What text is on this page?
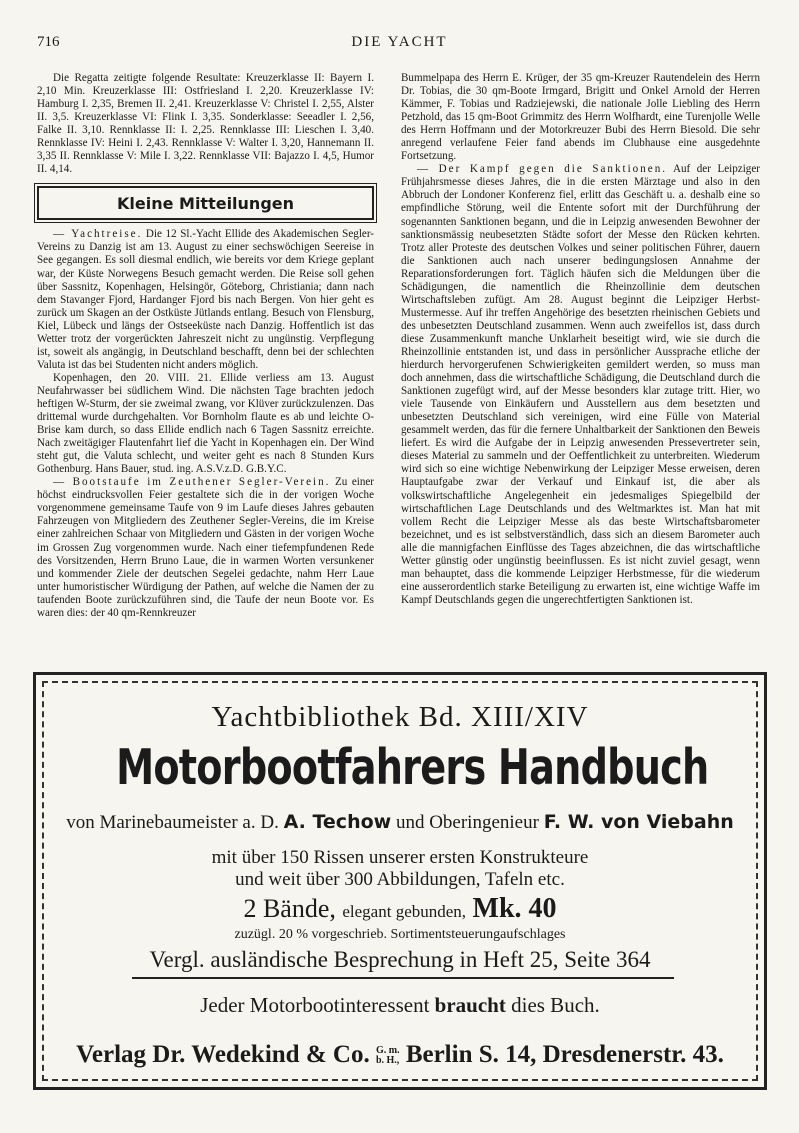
716	DIE YACHT

Die Regatta zeitigte folgende Resultate: Kreuzerklasse II: Bayern I. 2,10 Min. Kreuzerklasse III: Ostfriesland I. 2,20. Kreuzerklasse IV: Hamburg I. 2,35, Bremen II. 2,41. Kreuzerklasse V: Christel I. 2,55, Alster II. 3,5. Kreuzerklasse VI: Flink I. 3,35. Sonderklasse: Seeadler I. 2,56, Falke II. 3,10. Rennklasse II: I. 2,25. Rennklasse III: Lieschen I. 3,40. Rennklasse IV: Heini I. 2,43. Rennklasse V: Walter I. 3,20, Hannemann II. 3,35 II. Rennklasse V: Mile I. 3,22. Rennklasse VII: Bajazzo I. 4,5, Humor II. 4,14.

Kleine Mitteilungen

— Yachtreise. Die 12 Sl.-Yacht Ellide des Akademischen Segler-Vereins zu Danzig ist am 13. August zu einer sechswöchigen Seereise in See gegangen. Es soll diesmal endlich, wie bereits vor dem Kriege geplant war, der Küste Norwegens Besuch gemacht werden. Die Reise soll gehen über Sassnitz, Kopenhagen, Helsingör, Göteborg, Christiania; dann nach dem Stavanger Fjord, Hardanger Fjord bis nach Bergen. Von hier geht es zurück um Skagen an der Ostküste Jütlands entlang. Besuch von Flensburg, Kiel, Lübeck und längs der Ostseeküste nach Danzig. Hoffentlich ist das Wetter trotz der vorgerückten Jahreszeit nicht zu ungünstig. Verpflegung ist, soweit als angängig, in Deutschland beschafft, denn bei der schlechten Valuta ist das bei Studenten nicht anders möglich.

Kopenhagen, den 20. VIII. 21. Ellide verliess am 13. August Neufahrwasser bei südlichem Wind. Die nächsten Tage brachten jedoch heftigen W-Sturm, der sie zweimal zwang, vor Klüver zurückzulenzen. Das drittemal wurde durchgehalten. Vor Bornholm flaute es ab und leichte O-Brise kam durch, so dass Ellide endlich nach 6 Tagen Sassnitz erreichte. Nach zweitägiger Flautenfahrt lief die Yacht in Kopenhagen ein. Der Wind steht gut, die Valuta schlecht, und weiter geht es nach 8 Stunden Kurs Gothenburg. Hans Bauer, stud. ing. A.S.V.z.D. G.B.Y.C.

— Bootstaufe im Zeuthener Segler-Verein. Zu einer höchst eindrucksvollen Feier gestaltete sich die in der vorigen Woche vorgenommene gemeinsame Taufe von 9 im Laufe dieses Jahres gebauten Fahrzeugen von Mitgliedern des Zeuthener Segler-Vereins, die im Kreise einer zahlreichen Schaar von Mitgliedern und Gästen in der vorigen Woche im Grossen Zug vorgenommen wurde. Nach einer tiefempfundenen Rede des Vorsitzenden, Herrn Bruno Laue, die in warmen Worten versunkener und kommender Ziele der deutschen Segelei gedachte, nahm Herr Laue unter humoristischer Würdigung der Pathen, auf welche die Namen der zu taufenden Boote zurückzuführen sind, die Taufe der neun Boote vor. Es waren dies: der 40 qm-Rennkreuzer

Bummelpapa des Herrn E. Krüger, der 35 qm-Kreuzer Rautendelein des Herrn Dr. Tobias, die 30 qm-Boote Irmgard, Brigitt und Onkel Arnold der Herren Kämmer, F. Tobias und Radziejewski, die nationale Jolle Liebling des Herrn Petzhold, das 15 qm-Boot Grimmitz des Herrn Wolfhardt, eine Turenjolle Welle des Herrn Hoffmann und der Motorkreuzer Bubi des Herrn Biesold. Die sehr anregend verlaufene Feier fand abends im Clubhause eine ausgedehnte Fortsetzung.

— Der Kampf gegen die Sanktionen. Auf der Leipziger Frühjahrsmesse dieses Jahres, die in die ersten Märztage und also in den Abbruch der Londoner Konferenz fiel, erlitt das Geschäft u. a. deshalb eine so empfindliche Störung, weil die Entente sofort mit der Durchführung der sogenannten Sanktionen begann, und die in Leipzig anwesenden Bewohner der sanktionsmässig neubesetzten Städte sofort der Messe den Rücken kehrten. Trotz aller Proteste des deutschen Volkes und seiner politischen Führer, dauern die Sanktionen auch nach unserer bedingungslosen Annahme der Reparationsforderungen fort. Täglich häufen sich die Meldungen über die Schädigungen, die namentlich die Rheinzollinie dem deutschen Wirtschaftsleben zufügt. Am 28. August beginnt die Leipziger Herbst-Mustermesse. Auf ihr treffen Angehörige des besetzten rheinischen Gebiets und des unbesetzten Deutschland zusammen. Wenn auch zweifellos ist, dass durch diese Zusammenkunft manche Unklarheit beseitigt wird, wie sie durch die Rheinzollinie entstanden ist, und dass in persönlicher Aussprache etliche der hierdurch hervorgerufenen Schwierigkeiten gemildert werden, so muss man doch annehmen, dass die wirtschaftliche Schädigung, die Deutschland durch die Sanktionen zugefügt wird, auf der Messe besonders klar zutage tritt. Hier, wo viele Tausende von Einkäufern und Ausstellern aus dem besetzten und unbesetzten Deutschland sich vereinigen, wird eine Fülle von Material gesammelt werden, das für die fernere Unhaltbarkeit der Sanktionen den Beweis liefert. Es wird die Aufgabe der in Leipzig anwesenden Pressevertreter sein, dieses Material zu sammeln und der Oeffentlichkeit zu unterbreiten. Wiederum wird sich so eine wichtige Nebenwirkung der Leipziger Messe erweisen, deren Hauptaufgabe zwar der Verkauf und Einkauf ist, die aber als volkswirtschaftliche Angelegenheit ein jedesmaliges Spiegelbild der wirtschaftlichen Lage Deutschlands und des Weltmarktes ist. Man hat mit vollem Recht die Leipziger Messe als das beste Wirtschaftsbarometer bezeichnet, und es ist selbstverständlich, dass sich an diesem Barometer auch alle die mannigfachen Einflüsse des Tages abzeichnen, die das wirtschaftliche Wetter günstig oder ungünstig beeinflussen. Es ist nicht zuviel gesagt, wenn man behauptet, dass die kommende Leipziger Herbstmesse, für die wiederum eine ausserordentlich starke Beteiligung zu erwarten ist, eine wichtige Waffe im Kampf Deutschlands gegen die ungerechtfertigten Sanktionen ist.

Yachtbibliothek Bd. XIII/XIV
Motorbootfahrers Handbuch
von Marinebaumeister a. D. A. Techow und Oberingenieur F. W. von Viebahn
mit über 150 Rissen unserer ersten Konstrukteure
und weit über 300 Abbildungen, Tafeln etc.
2 Bände, elegant gebunden, Mk. 40
zuzügl. 20 % vorgeschrieb. Sortimentsteuerungaufschlages
Vergl. ausländische Besprechung in Heft 25, Seite 364
Jeder Motorbootinteressent braucht dies Buch.
Verlag Dr. Wedekind & Co. G. m.
b. H., Berlin S. 14, Dresdenerstr. 43.
